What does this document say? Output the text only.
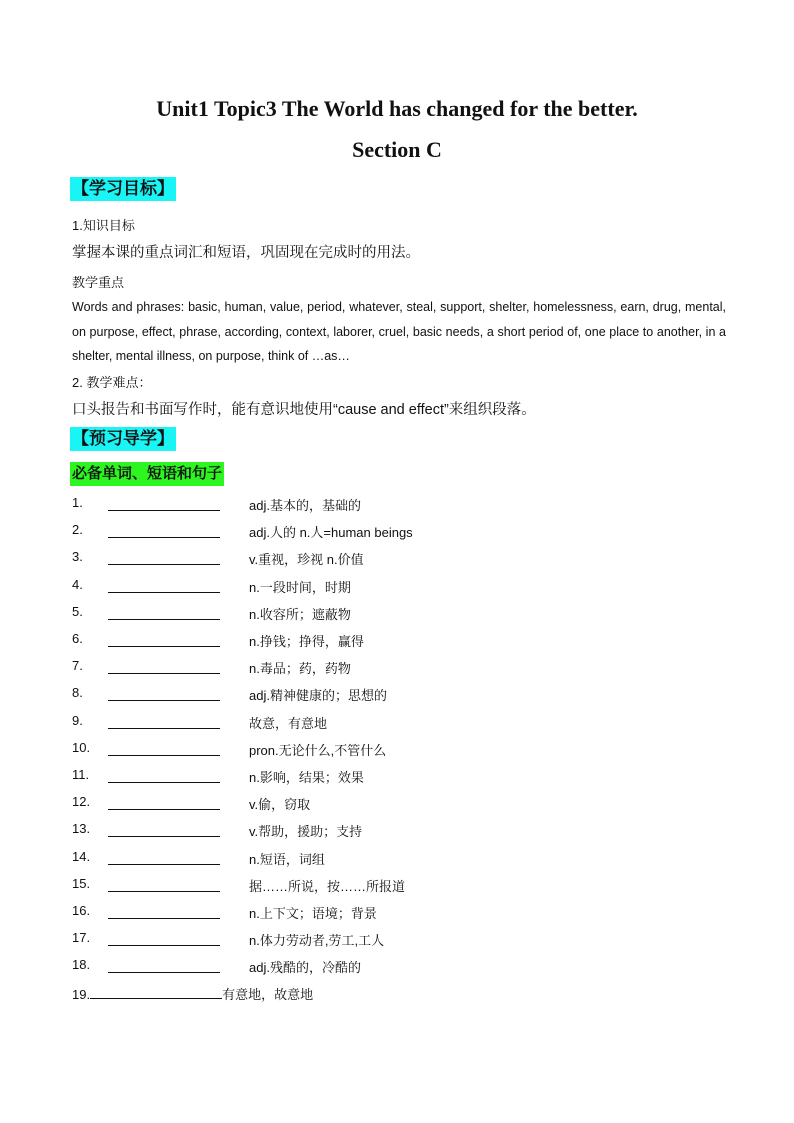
Unit1 Topic3 The World has changed for the better.
Section C
【学习目标】
1.知识目标
掌握本课的重点词汇和短语，巩固现在完成时的用法。
教学重点
Words and phrases: basic, human, value, period, whatever, steal, support, shelter, homelessness, earn, drug, mental, on purpose, effect, phrase, according, context, laborer, cruel, basic needs, a short period of, one place to another, in a shelter, mental illness, on purpose, think of …as…
2. 教学难点：
口头报告和书面写作时，能有意识地使用“cause and effect”来组织段落。
【预习导学】
必备单词、短语和句子
1.	adj.基本的，基础的
2.	adj.人的 n.人=human beings
3.	v.重视，珍视 n.价值
4.	n.一段时间，时期
5.	n.收容所；遮蔽物
6.	n.挣钱；挣得，赢得
7.	n.毒品；药，药物
8.	adj.精神健康的；思想的
9.	故意，有意地
10.	pron.无论什么,不管什么
11.	n.影响，结果；效果
12.	v.偷，窃取
13.	v.帮助，援助；支持
14.	n.短语，词组
15.	据……所说，按……所报道
16.	n.上下文；语境；背景
17.	n.体力劳动者,劳工,工人
18.	adj.残酷的，冷酷的
19.	有意地，故意地
